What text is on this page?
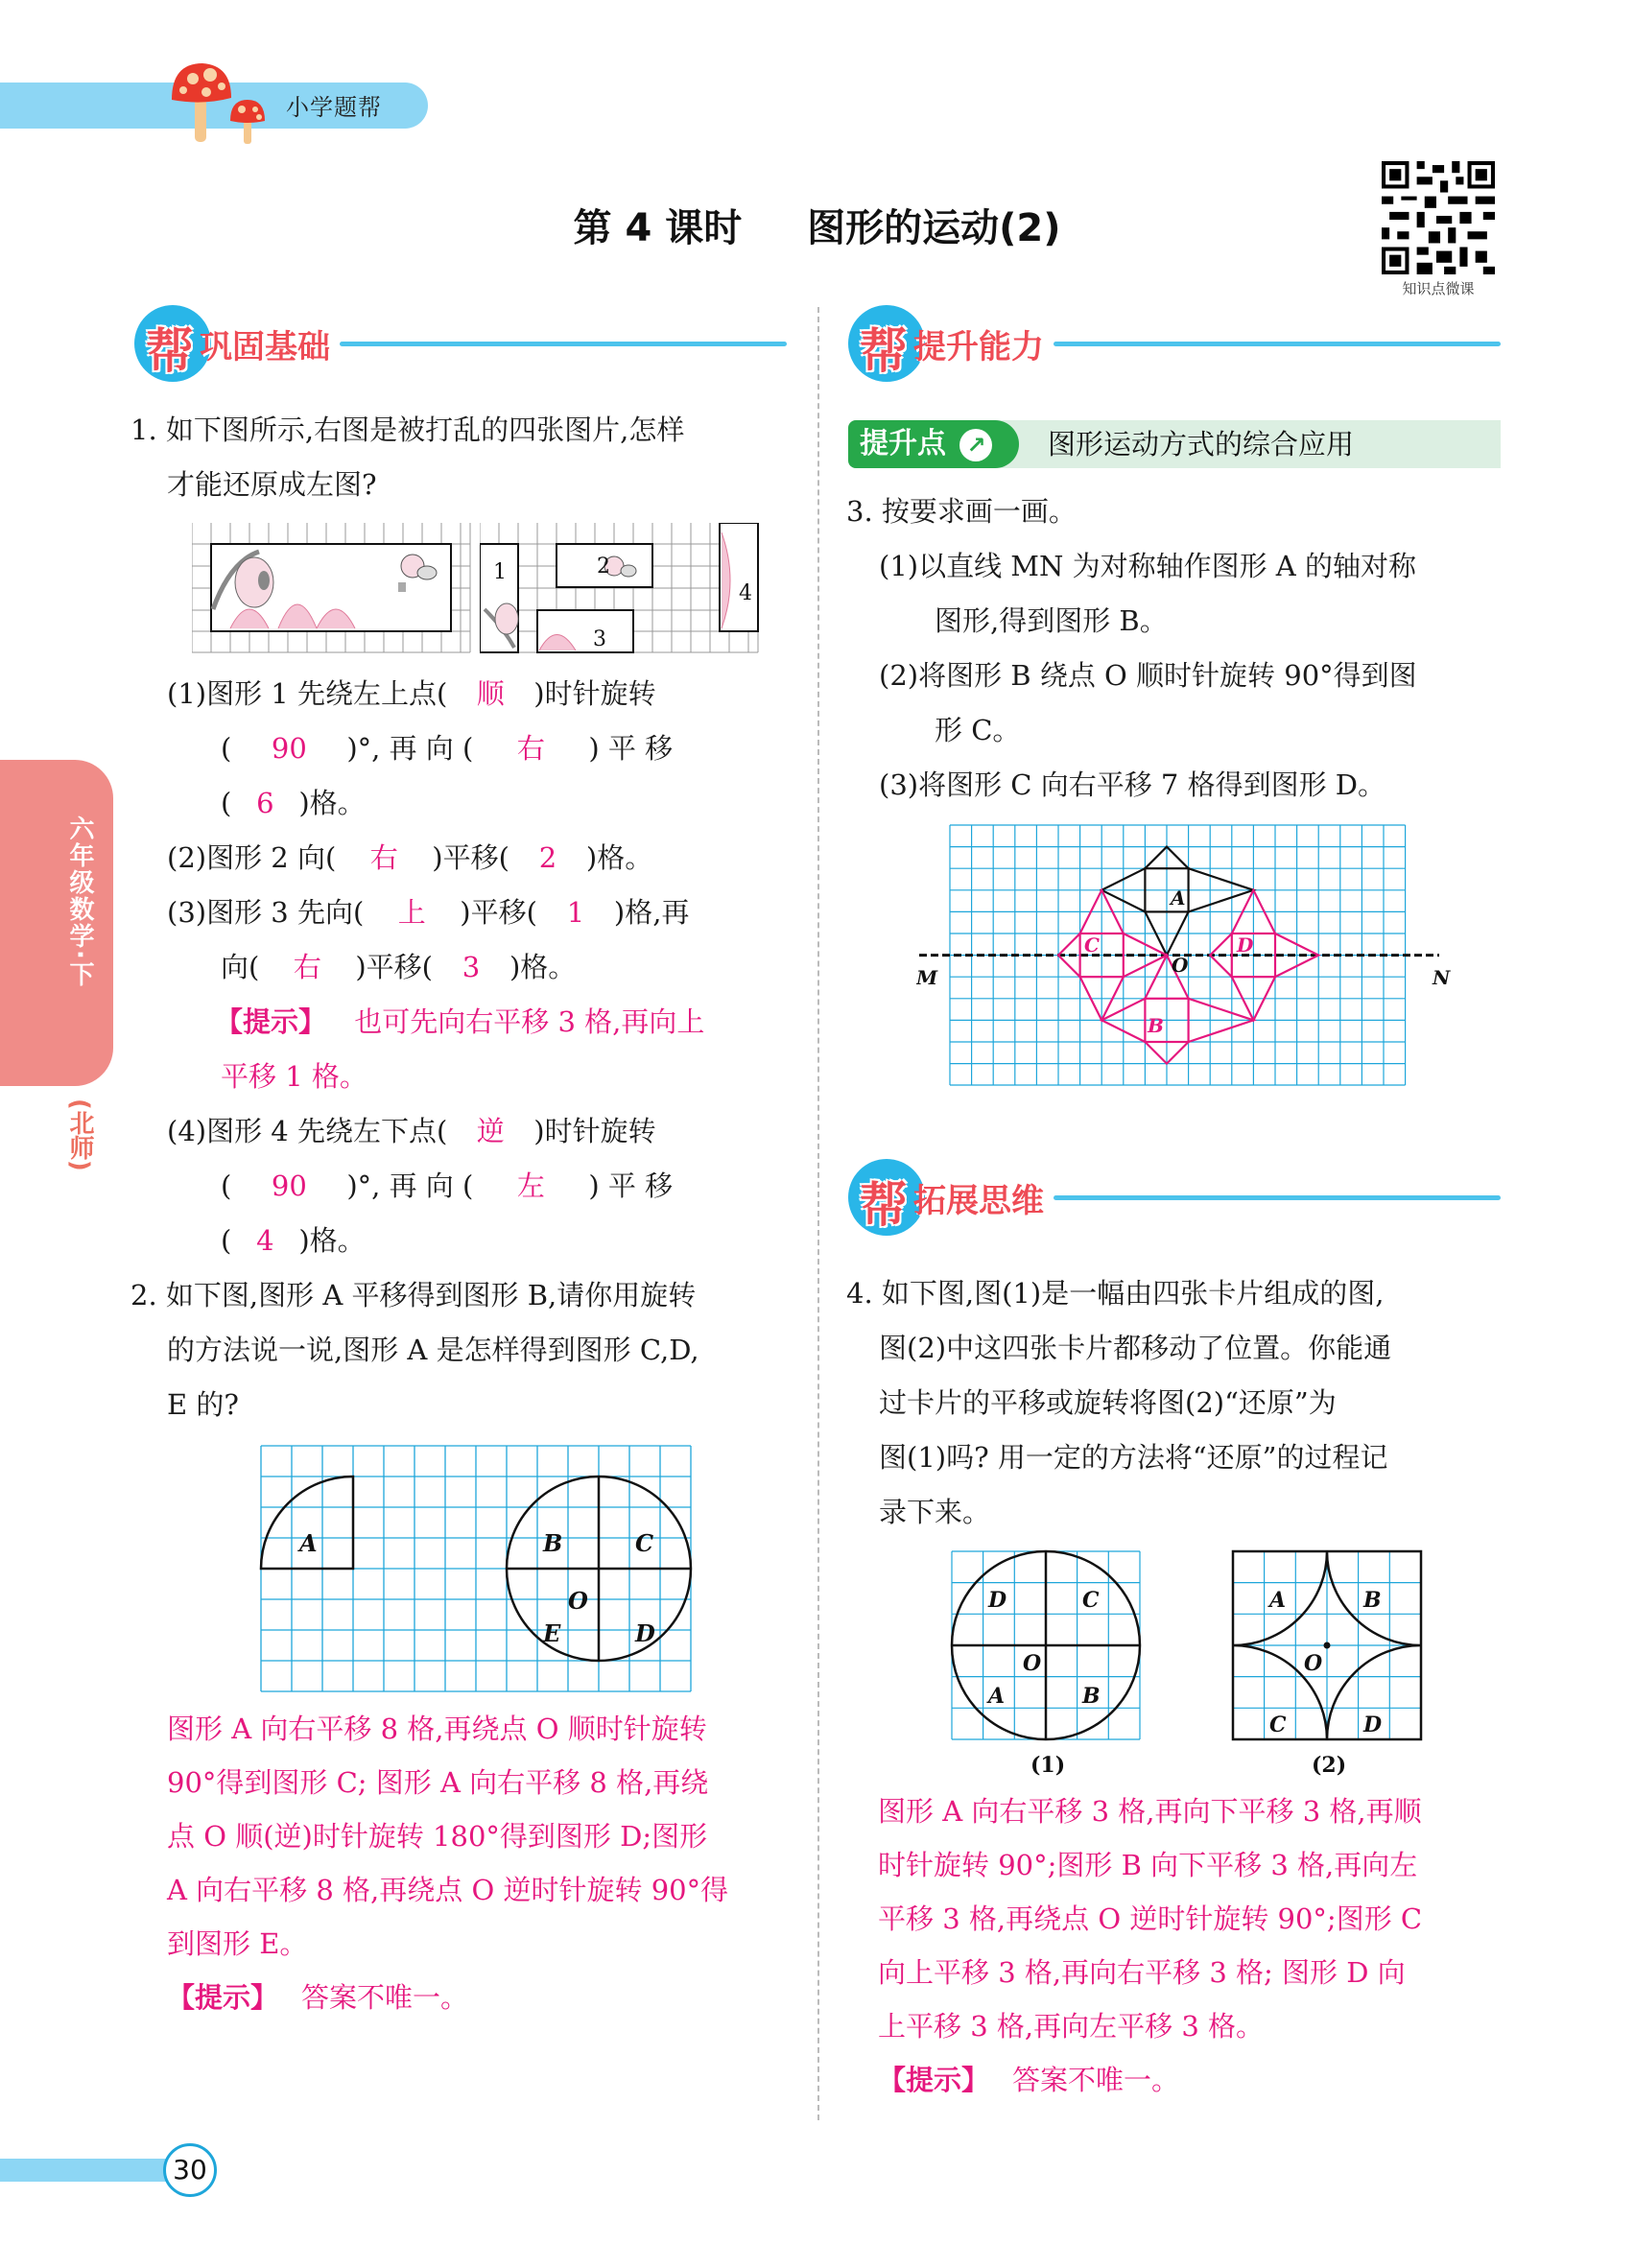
小学题帮
第 4 课时 图形的运动(2)
知识点微课
六年级数学·下
(北师)
帮 巩固基础
1. 如下图所示,右图是被打乱的四张图片,怎样
才能还原成左图?
1	2
3
4
(1)图形 1 先绕左上点( 顺 )时针旋转
( 90 )°, 再 向 ( 右 ) 平 移
( 6 )格。
(2)图形 2 向( 右 )平移( 2 )格。
(3)图形 3 先向( 上 )平移( 1 )格,再
向( 右 )平移( 3 )格。
【提示】 也可先向右平移 3 格,再向上
平移 1 格。
(4)图形 4 先绕左下点( 逆 )时针旋转
( 90 )°, 再 向 ( 左 ) 平 移
( 4 )格。
2. 如下图,图形 A 平移得到图形 B,请你用旋转
的方法说一说,图形 A 是怎样得到图形 C,D,
E 的?
A	B	C
O
E	D
图形 A 向右平移 8 格,再绕点 O 顺时针旋转
90°得到图形 C; 图形 A 向右平移 8 格,再绕
点 O 顺(逆)时针旋转 180°得到图形 D;图形
A 向右平移 8 格,再绕点 O 逆时针旋转 90°得
到图形 E。
【提示】 答案不唯一。
帮 提升能力
提升点 ↗	图形运动方式的综合应用
3. 按要求画一画。
(1)以直线 MN 为对称轴作图形 A 的轴对称
图形,得到图形 B。
(2)将图形 B 绕点 O 顺时针旋转 90°得到图
形 C。
(3)将图形 C 向右平移 7 格得到图形 D。
A
B
C	D
O
M	N
帮 拓展思维
4. 如下图,图(1)是一幅由四张卡片组成的图,
图(2)中这四张卡片都移动了位置。你能通
过卡片的平移或旋转将图(2)“还原”为
图(1)吗? 用一定的方法将“还原”的过程记
录下来。
D	C
O
A	B
(1)
A	B
O
C	D
(2)
图形 A 向右平移 3 格,再向下平移 3 格,再顺
时针旋转 90°;图形 B 向下平移 3 格,再向左
平移 3 格,再绕点 O 逆时针旋转 90°;图形 C
向上平移 3 格,再向右平移 3 格; 图形 D 向
上平移 3 格,再向左平移 3 格。
【提示】 答案不唯一。
30
